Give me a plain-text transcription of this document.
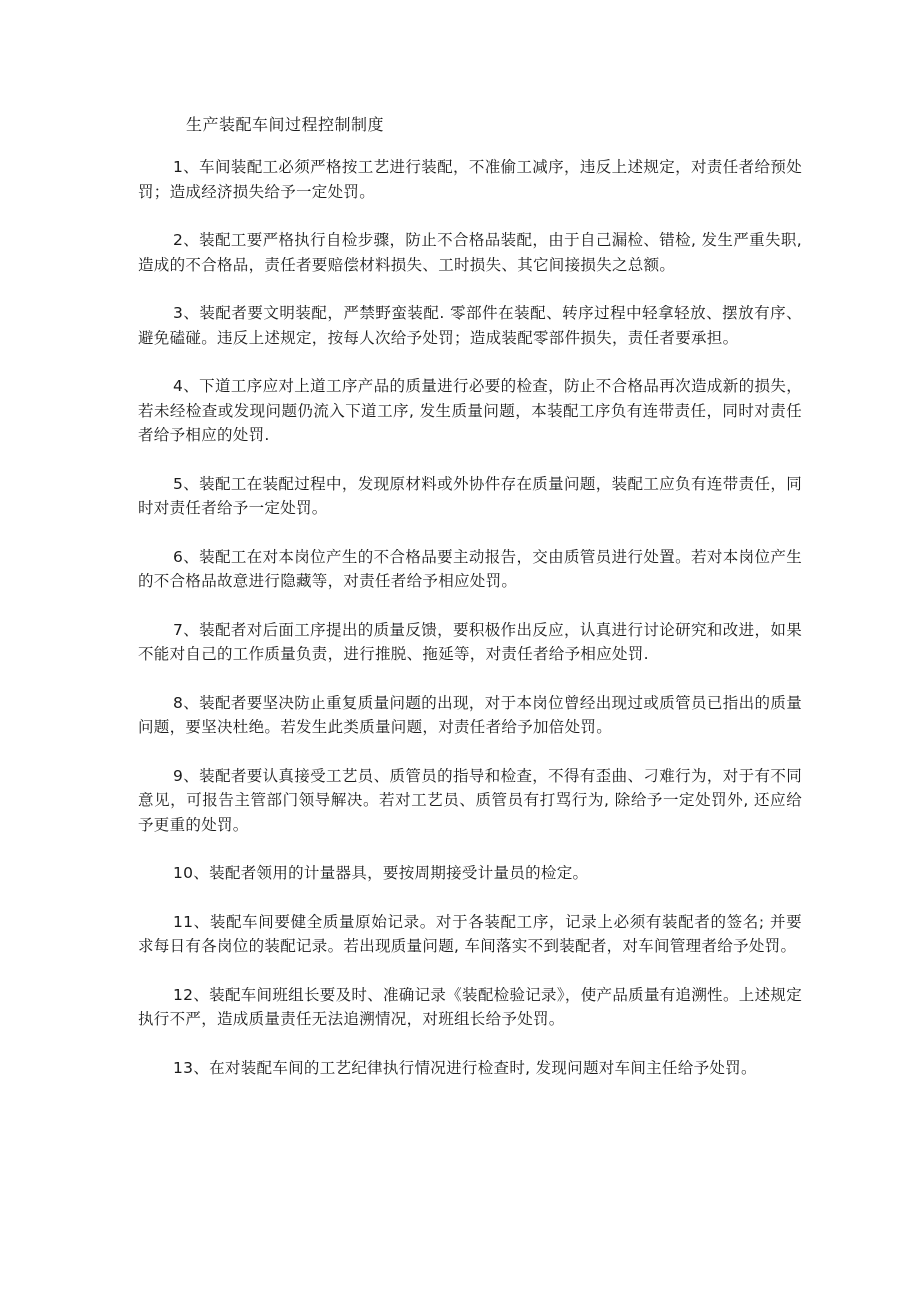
生产装配车间过程控制制度

1、车间装配工必须严格按工艺进行装配，不准偷工减序，违反上述规定，对责任者给预处罚；造成经济损失给予一定处罚。

2、装配工要严格执行自检步骤，防止不合格品装配，由于自己漏检、错检, 发生严重失职, 造成的不合格品，责任者要赔偿材料损失、工时损失、其它间接损失之总额。

3、装配者要文明装配，严禁野蛮装配. 零部件在装配、转序过程中轻拿轻放、摆放有序、避免磕碰。违反上述规定，按每人次给予处罚；造成装配零部件损失，责任者要承担。

4、下道工序应对上道工序产品的质量进行必要的检查，防止不合格品再次造成新的损失，若未经检查或发现问题仍流入下道工序, 发生质量问题，本装配工序负有连带责任，同时对责任者给予相应的处罚.

5、装配工在装配过程中，发现原材料或外协件存在质量问题，装配工应负有连带责任，同时对责任者给予一定处罚。

6、装配工在对本岗位产生的不合格品要主动报告，交由质管员进行处置。若对本岗位产生的不合格品故意进行隐藏等，对责任者给予相应处罚。

7、装配者对后面工序提出的质量反馈，要积极作出反应，认真进行讨论研究和改进，如果不能对自己的工作质量负责，进行推脱、拖延等，对责任者给予相应处罚.

8、装配者要坚决防止重复质量问题的出现，对于本岗位曾经出现过或质管员已指出的质量问题，要坚决杜绝。若发生此类质量问题，对责任者给予加倍处罚。

9、装配者要认真接受工艺员、质管员的指导和检查，不得有歪曲、刁难行为，对于有不同意见，可报告主管部门领导解决。若对工艺员、质管员有打骂行为, 除给予一定处罚外, 还应给予更重的处罚。

10、装配者领用的计量器具，要按周期接受计量员的检定。

11、装配车间要健全质量原始记录。对于各装配工序，记录上必须有装配者的签名; 并要求每日有各岗位的装配记录。若出现质量问题, 车间落实不到装配者，对车间管理者给予处罚。

12、装配车间班组长要及时、准确记录《装配检验记录》，使产品质量有追溯性。上述规定执行不严，造成质量责任无法追溯情况，对班组长给予处罚。

13、在对装配车间的工艺纪律执行情况进行检查时, 发现问题对车间主任给予处罚。
